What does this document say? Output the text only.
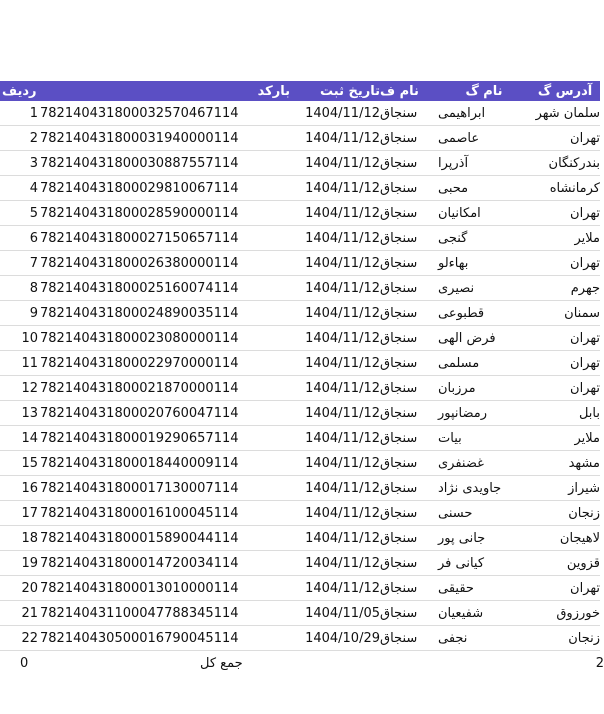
ردیف	بارکد	تاریخ ثبت نام ف	نام گ	آدرس گ
1 782140431800032570467114	1404/11/12 سنجاق	ابراهیمی	سلمان شهر
2 782140431800031940000114	1404/11/12 سنجاق	عاصمی	تهران
3 782140431800030887557114	1404/11/12 سنجاق	آذرپرا	بندرکنگان
4 782140431800029810067114	1404/11/12 سنجاق	محبی	کرمانشاه
5 782140431800028590000114	1404/11/12 سنجاق	امکانیان	تهران
6 782140431800027150657114	1404/11/12 سنجاق	گنجی	ملایر
7 782140431800026380000114	1404/11/12 سنجاق	بهاءلو	تهران
8 782140431800025160074114	1404/11/12 سنجاق	نصیری	جهرم
9 782140431800024890035114	1404/11/12 سنجاق	قطبوعی	سمنان
10 782140431800023080000114	1404/11/12 سنجاق	فرض الهی	تهران
11 782140431800022970000114	1404/11/12 سنجاق	مسلمی	تهران
12 782140431800021870000114	1404/11/12 سنجاق	مرزبان	تهران
13 782140431800020760047114	1404/11/12 سنجاق	رمضانپور	بابل
14 782140431800019290657114	1404/11/12 سنجاق	بیات	ملایر
15 782140431800018440009114	1404/11/12 سنجاق	غضنفری	مشهد
16 782140431800017130007114	1404/11/12 سنجاق	جاویدی نژاد	شیراز
17 782140431800016100045114	1404/11/12 سنجاق	حسنی	زنجان
18 782140431800015890044114	1404/11/12 سنجاق	جانی پور	لاهیجان
19 782140431800014720034114	1404/11/12 سنجاق	کیانی فر	قزوین
20 782140431800013010000114	1404/11/12 سنجاق	حقیقی	تهران
21 782140431100047788345114	1404/11/05 سنجاق	شفیعیان	خورزوق
22 782140430500016790045114	1404/10/29 سنجاق	نجفی	زنجان
0	جمع کل	2
